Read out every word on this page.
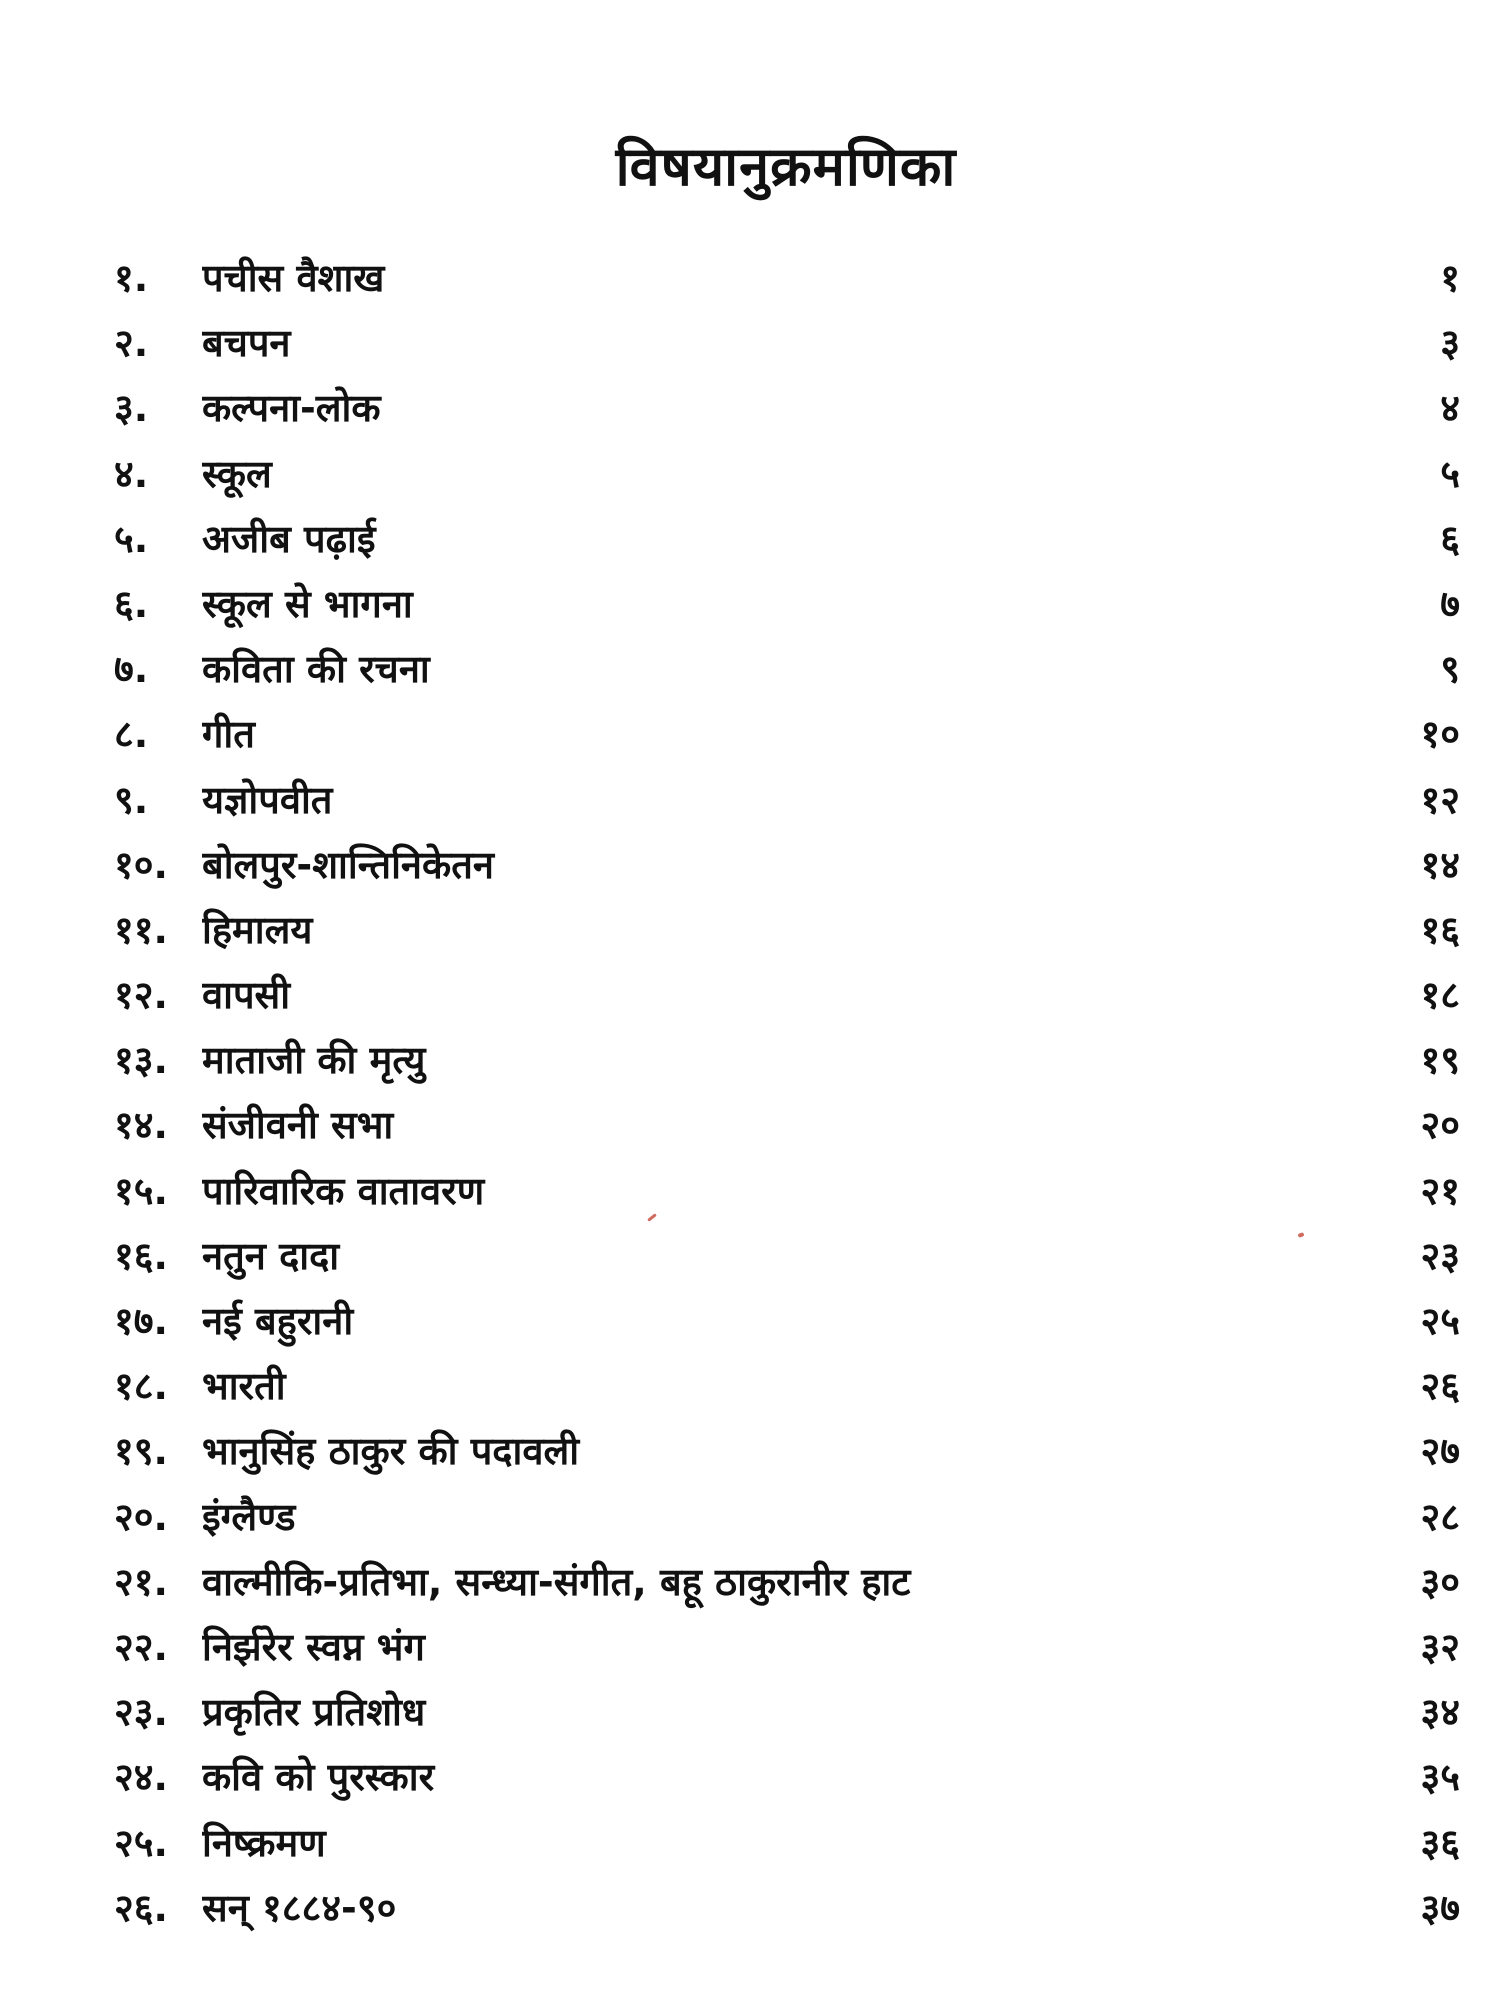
विषयानुक्रमणिका
१.	पचीस वैशाख	१
२.	बचपन	३
३.	कल्पना-लोक	४
४.	स्कूल	५
५.	अजीब पढ़ाई	६
६.	स्कूल से भागना	७
७.	कविता की रचना	९
८.	गीत	१०
९.	यज्ञोपवीत	१२
१०. बोलपुर-शान्तिनिकेतन	१४
११. हिमालय	१६
१२. वापसी	१८
१३. माताजी की मृत्यु	१९
१४. संजीवनी सभा	२०
१५. पारिवारिक वातावरण	२१
१६. नतुन दादा	२३
१७. नई बहुरानी	२५
१८. भारती	२६
१९. भानुसिंह ठाकुर की पदावली	२७
२०. इंग्लैण्ड	२८
२१. वाल्मीकि-प्रतिभा, सन्ध्या-संगीत, बहू ठाकुरानीर हाट	३०
२२. निर्झरेर स्वप्न भंग	३२
२३. प्रकृतिर प्रतिशोध	३४
२४. कवि को पुरस्कार	३५
२५. निष्क्रमण	३६
२६. सन् १८८४-९०	३७
